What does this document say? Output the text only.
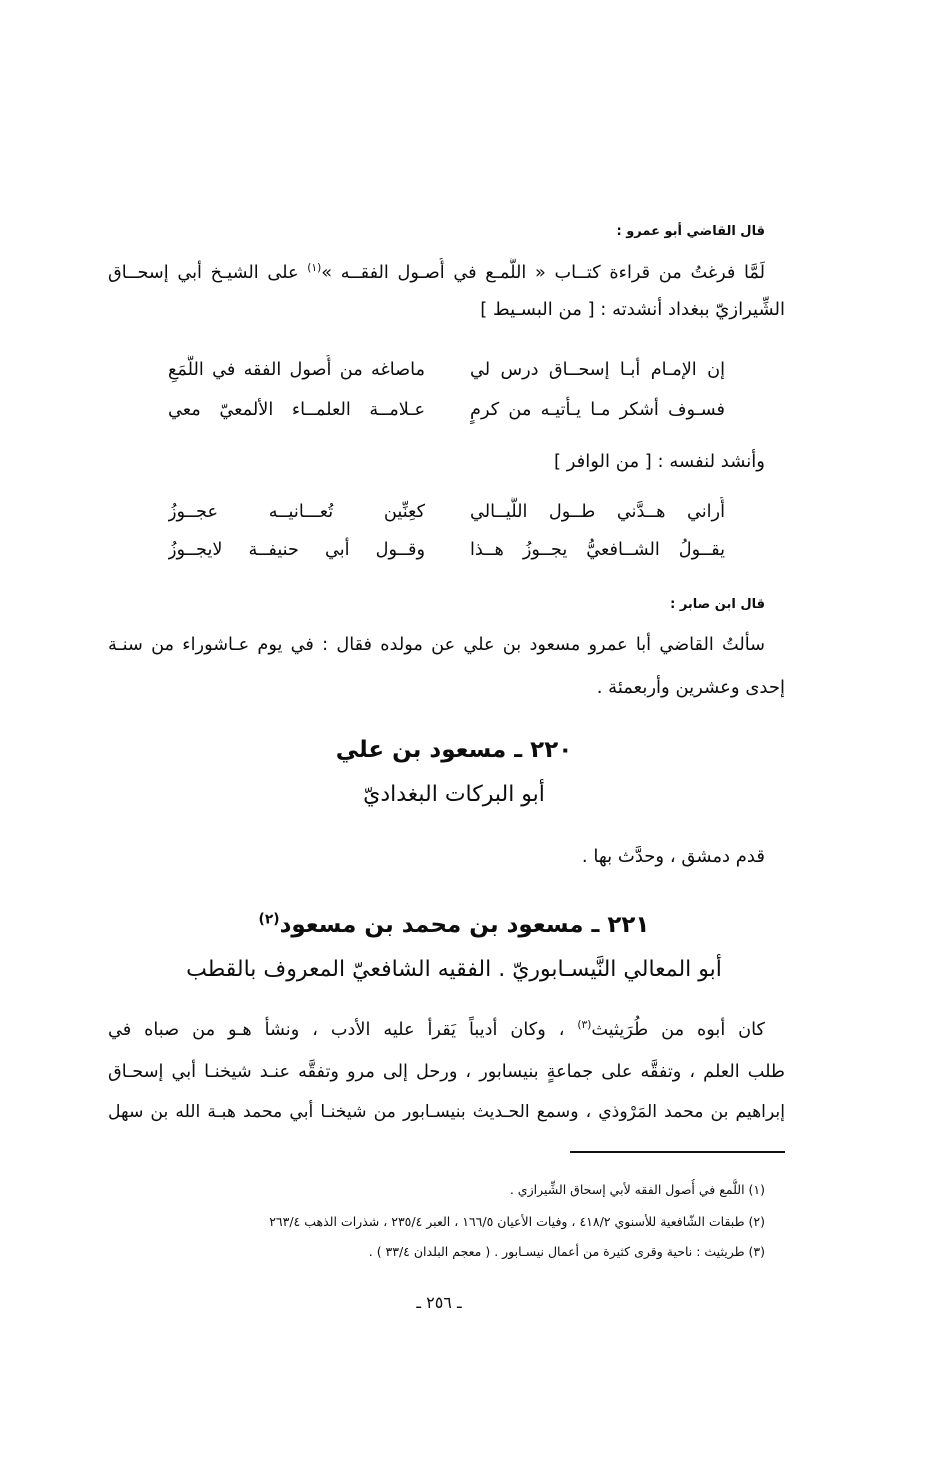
قال القاضي أبو عمرو :
لَمَّا فرغتُ من قراءة كتــاب « اللُّمـع في أُصـول الفقــه »$^{(١)}$ على الشيـخ أبي إسحــاق
الشِّيرازيّ ببغداد أنشدته : [ من البسـيط ]
إن الإمـام أبـا إسحــاق درس لي
ماصاغه من أُصول الفقه في اللُّمَعِ
فسـوف أشكر مـا يـأتيـه من كرمٍ
عـلامــة العلمــاء الألمعيّ معي
وأنشد لنفسه : [ من الوافر ]
أُراني هــدَّني طــول اللَّيــالي
كعِنِّين تُعـــانيــه عجــوزُ
يقــولُ الشــافعيُّ يجــوزُ هــذا
وقــول أبي حنيفــة لايجــوزُ
قال ابن صابر :
سألتُ القاضي أبا عمرو مسعود بن علي عن مولده فقال : في يوم عـاشوراء من سنـة
إحدى وعشرين وأربعمئة .
٢٢٠ ـ مسعود بن علي
أبو البركات البغداديّ
قدم دمشق ، وحدَّث بها .
٢٢١ ـ مسعود بن محمد بن مسعود$^{(٢)}$
أبو المعالي النَّيسـابوريّ . الفقيه الشافعيّ المعروف بالقطب
كان أبوه من طُرَيثيث$^{(٣)}$ ، وكان أديباً يَقرأ عليه الأدب ، ونشأ هـو من صباه في
طلب العلم ، وتفقَّه على جماعةٍ بنيسابور ، ورحل إلى مرو وتفقَّه عنـد شيخنـا أبي إسحـاق
إبراهيم بن محمد المَرْوذي ، وسمع الحـديث بنيسـابور من شيخنـا أبي محمد هبـة الله بن سهل
(١) اللُّمع في أُصول الفقه لأبي إسحاق الشِّيرازي .
(٢) طبقات الشّافعية للأسنوي ٤١٨/٢ ، وفيات الأعيان ١٦٦/٥ ، العبر ٢٣٥/٤ ، شذرات الذهب ٢٦٣/٤
(٣) طريثيث : ناحية وقرى كثيرة من أعمال نيسـابور . ( معجم البلدان ٣٣/٤ ) .
ـ ٢٥٦ ـ
